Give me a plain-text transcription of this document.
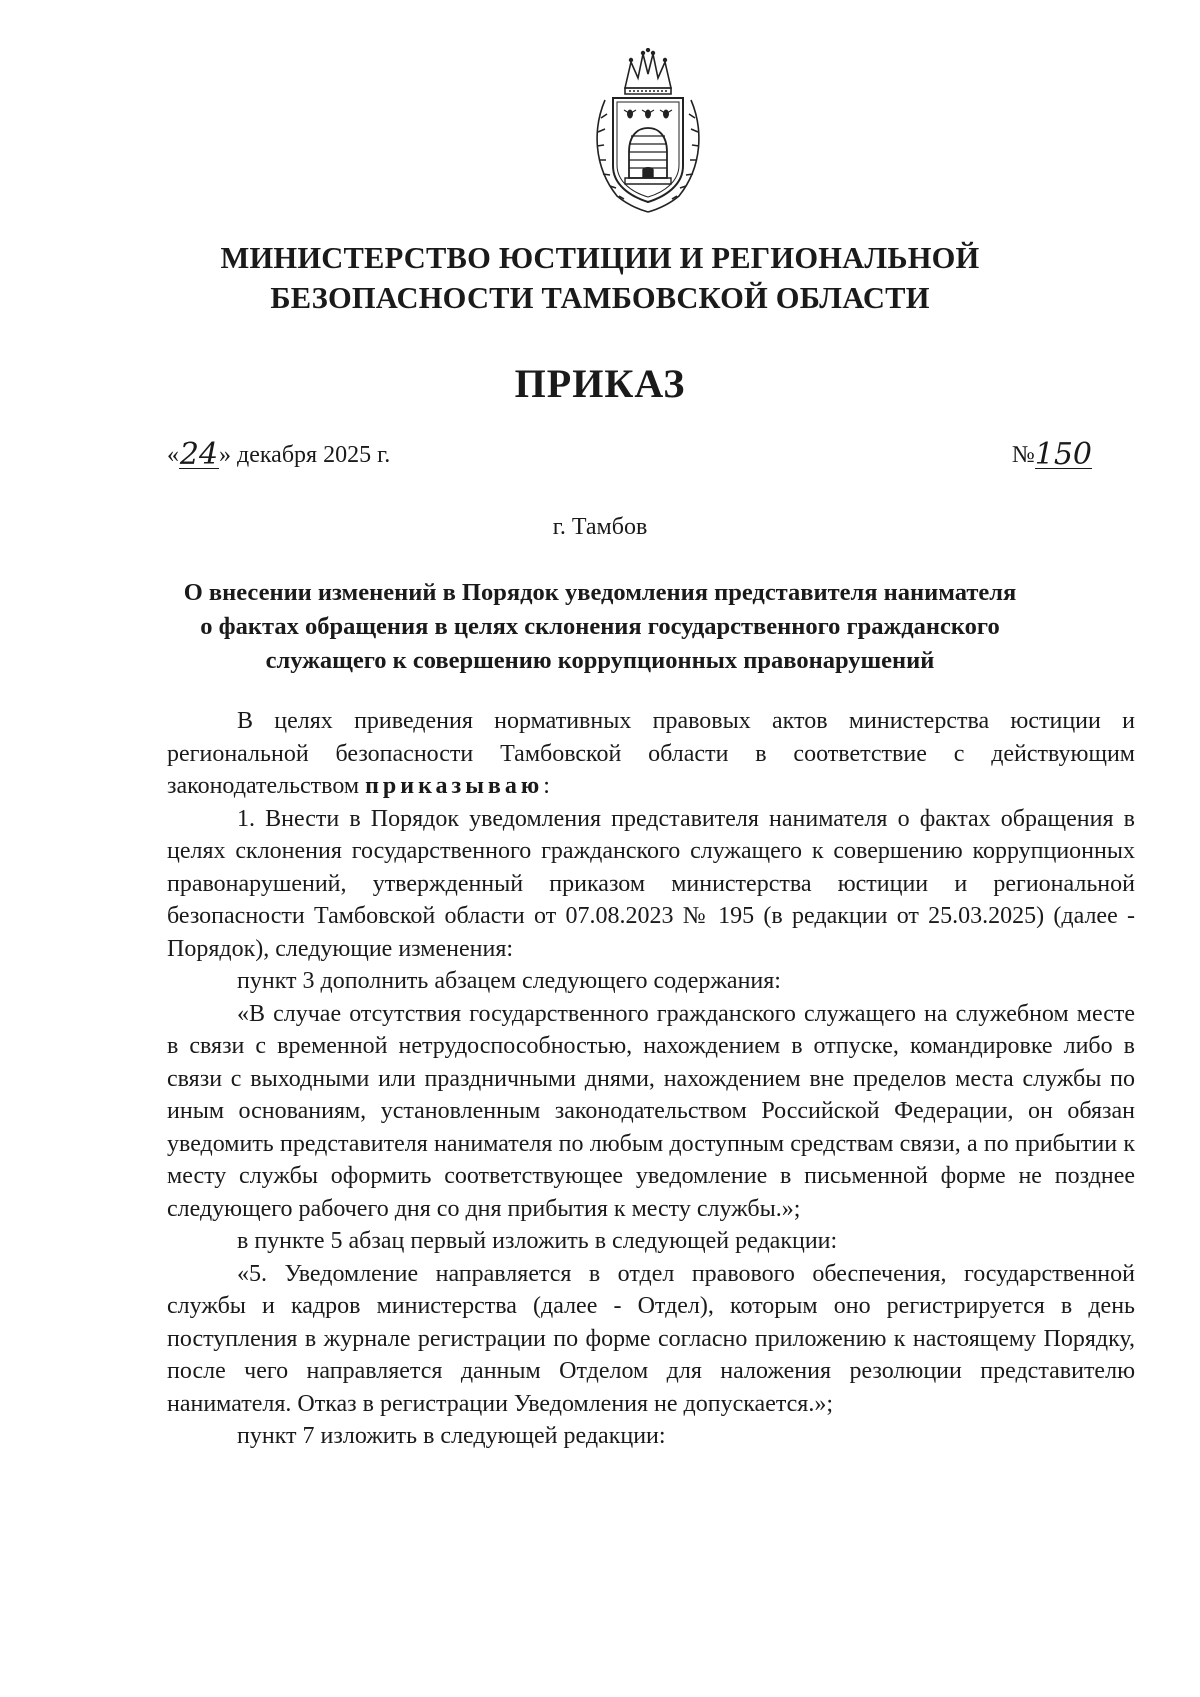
МИНИСТЕРСТВО ЮСТИЦИИ И РЕГИОНАЛЬНОЙ
БЕЗОПАСНОСТИ ТАМБОВСКОЙ ОБЛАСТИ
ПРИКАЗ
«24» декабря 2025 г.	№150
г. Тамбов
О внесении изменений в Порядок уведомления представителя нанимателя
о фактах обращения в целях склонения государственного гражданского
служащего к совершению коррупционных правонарушений

В целях приведения нормативных правовых актов министерства юстиции и региональной безопасности Тамбовской области в соответствие с действующим законодательством приказываю:

1. Внести в Порядок уведомления представителя нанимателя о фактах обращения в целях склонения государственного гражданского служащего к совершению коррупционных правонарушений, утвержденный приказом министерства юстиции и региональной безопасности Тамбовской области от 07.08.2023 № 195 (в редакции от 25.03.2025) (далее - Порядок), следующие изменения:

пункт 3 дополнить абзацем следующего содержания:

«В случае отсутствия государственного гражданского служащего на служебном месте в связи с временной нетрудоспособностью, нахождением в отпуске, командировке либо в связи с выходными или праздничными днями, нахождением вне пределов места службы по иным основаниям, установленным законодательством Российской Федерации, он обязан уведомить представителя нанимателя по любым доступным средствам связи, а по прибытии к месту службы оформить соответствующее уведомление в письменной форме не позднее следующего рабочего дня со дня прибытия к месту службы.»;

в пункте 5 абзац первый изложить в следующей редакции:

«5. Уведомление направляется в отдел правового обеспечения, государственной службы и кадров министерства (далее - Отдел), которым оно регистрируется в день поступления в журнале регистрации по форме согласно приложению к настоящему Порядку, после чего направляется данным Отделом для наложения резолюции представителю нанимателя. Отказ в регистрации Уведомления не допускается.»;

пункт 7 изложить в следующей редакции:
